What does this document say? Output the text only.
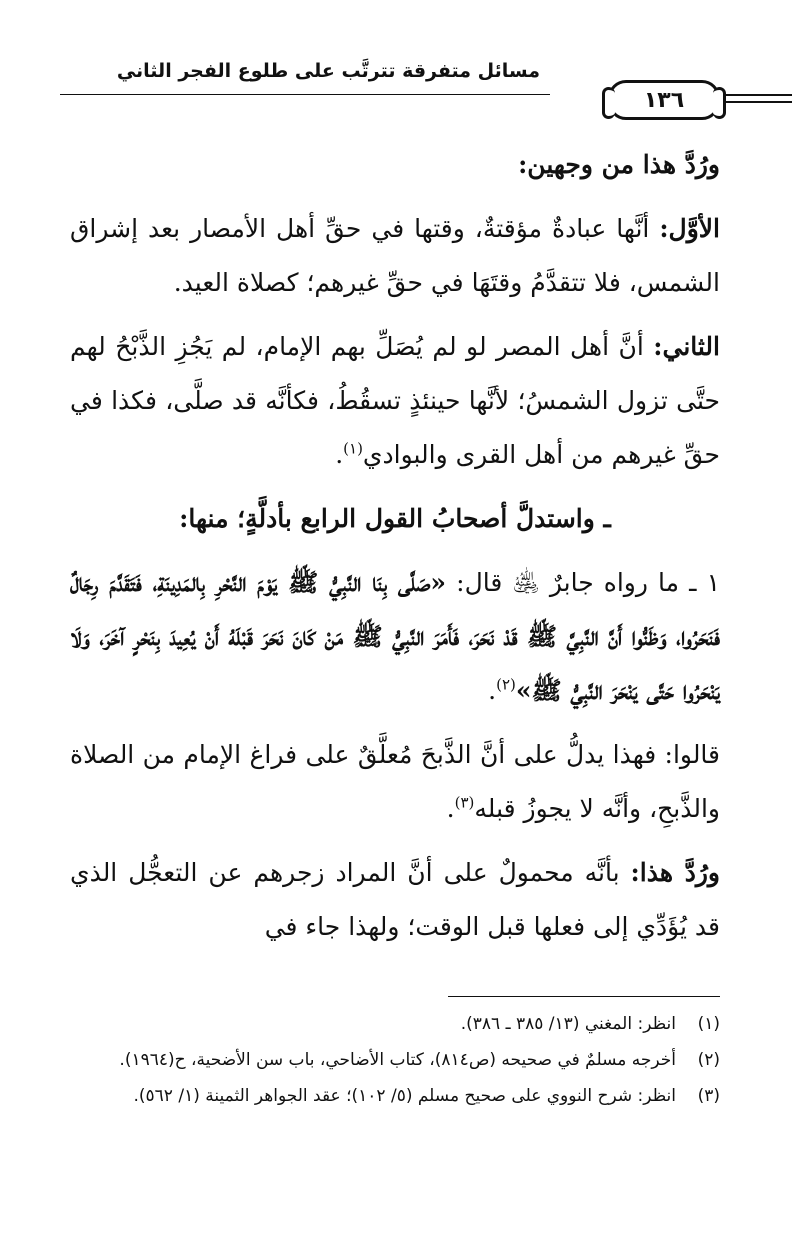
مسائل متفرقة تترتَّب على طلوع الفجر الثاني
١٣٦

ورُدَّ هذا من وجهين:

الأوَّل: أنَّها عبادةٌ مؤقتةٌ، وقتها في حقِّ أهل الأمصار بعد إشراق الشمس، فلا تتقدَّمُ وقتَهَا في حقِّ غيرهم؛ كصلاة العيد.

الثاني: أنَّ أهل المصر لو لم يُصَلِّ بهم الإمام، لم يَجُزِ الذَّبْحُ لهم حتَّى تزول الشمسُ؛ لأنَّها حينئذٍ تسقُطُ، فكأنَّه قد صلَّى، فكذا في حقِّ غيرهم من أهل القرى والبوادي$^{(١)}$.

ـ واستدلَّ أصحابُ القول الرابع بأدلَّةٍ؛ منها:

١ ـ ما رواه جابرٌ ﵁ قال: «صَلَّى بِنَا النَّبِيُّ ﷺ يَوْمَ النَّحْرِ بِالمَدِينَةِ، فَتَقَدَّمَ رِجَالٌ فَنَحَرُوا، وَظَنُّوا أَنَّ النَّبِيَّ ﷺ قَدْ نَحَرَ، فَأَمَرَ النَّبِيُّ ﷺ مَنْ كَانَ نَحَرَ قَبْلَهُ أَنْ يُعِيدَ بِنَحْرٍ آخَرَ، وَلَا يَنْحَرُوا حَتَّى يَنْحَرَ النَّبِيُّ ﷺ»$^{(٢)}$.

قالوا: فهذا يدلُّ على أنَّ الذَّبحَ مُعلَّقٌ على فراغ الإمام من الصلاة والذَّبحِ، وأنَّه لا يجوزُ قبله$^{(٣)}$.

ورُدَّ هذا: بأنَّه محمولٌ على أنَّ المراد زجرهم عن التعجُّل الذي قد يُؤَدِّي إلى فعلها قبل الوقت؛ ولهذا جاء في

(١)
انظر: المغني (١٣/ ٣٨٥ ـ ٣٨٦).
(٢)
أخرجه مسلمٌ في صحيحه (ص٨١٤)، كتاب الأضاحي، باب سن الأضحية، ح(١٩٦٤).
(٣)
انظر: شرح النووي على صحيح مسلم (٥/ ١٠٢)؛ عقد الجواهر الثمينة (١/ ٥٦٢).
